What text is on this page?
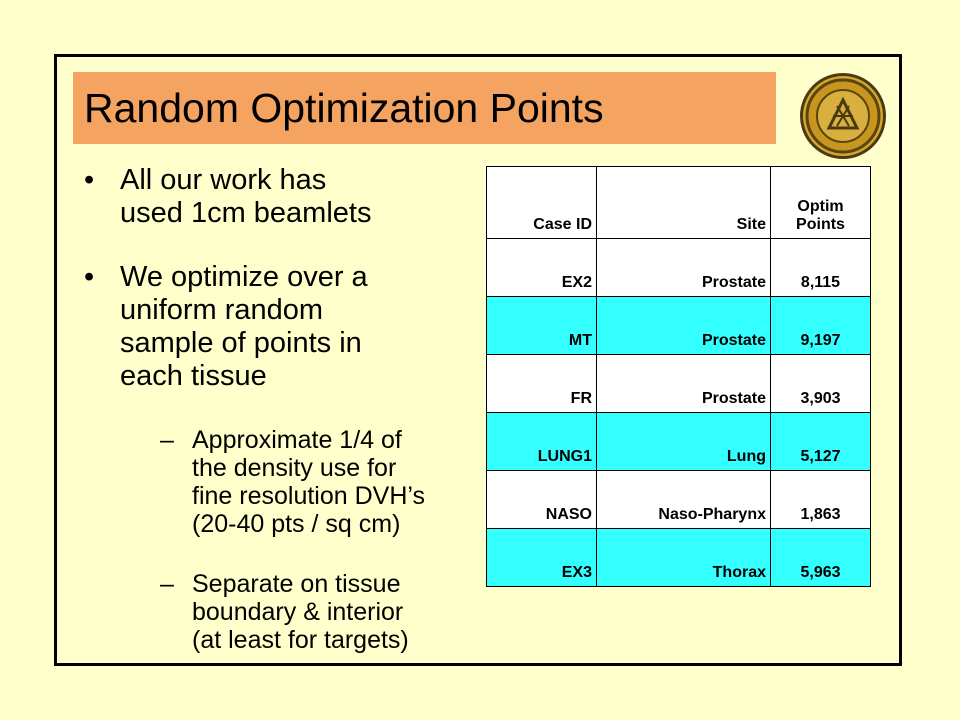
Random Optimization Points
• All our work has
used 1cm beamlets
• We optimize over a
uniform random
sample of points in
each tissue
– Approximate 1/4 of
the density use for
fine resolution DVH’s
(20-40 pts / sq cm)
– Separate on tissue
boundary & interior
(at least for targets)
Case ID	Site	Optim Points
EX2	Prostate	8,115
MT	Prostate	9,197
FR	Prostate	3,903
LUNG1	Lung	5,127
NASO	Naso-Pharynx	1,863
EX3	Thorax	5,963
